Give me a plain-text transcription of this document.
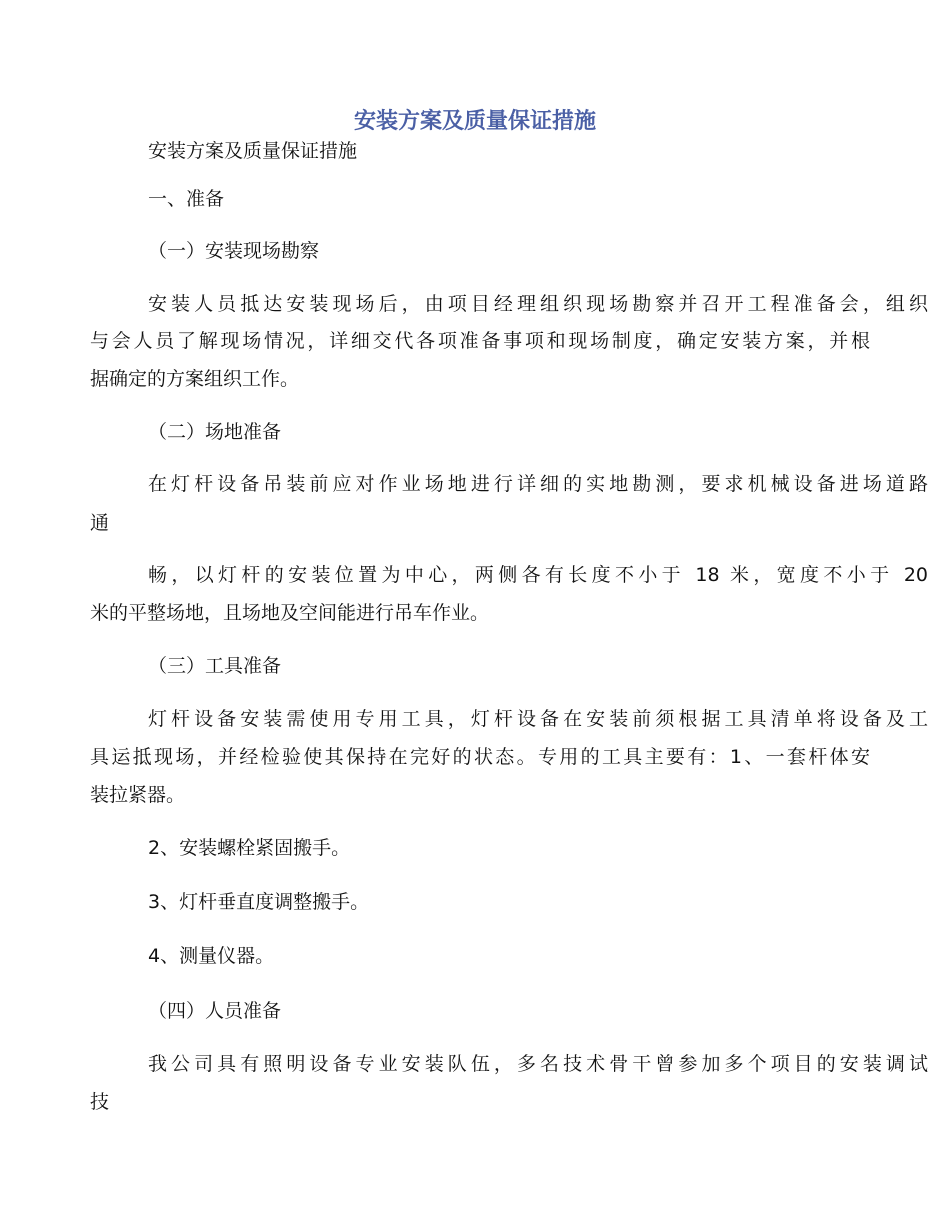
安装方案及质量保证措施
安装方案及质量保证措施
一、准备
（一）安装现场勘察
安装人员抵达安装现场后，由项目经理组织现场勘察并召开工程准备会，组织
与会人员了解现场情况，详细交代各项准备事项和现场制度，确定安装方案，并根
据确定的方案组织工作。
（二）场地准备
在灯杆设备吊装前应对作业场地进行详细的实地勘测，要求机械设备进场道路
通
畅，以灯杆的安装位置为中心，两侧各有长度不小于 18 米，宽度不小于 20
米的平整场地，且场地及空间能进行吊车作业。
（三）工具准备
灯杆设备安装需使用专用工具，灯杆设备在安装前须根据工具清单将设备及工
具运抵现场，并经检验使其保持在完好的状态。专用的工具主要有：1、一套杆体安
装拉紧器。
2、安装螺栓紧固搬手。
3、灯杆垂直度调整搬手。
4、测量仪器。
（四）人员准备
我公司具有照明设备专业安装队伍，多名技术骨干曾参加多个项目的安装调试
技
